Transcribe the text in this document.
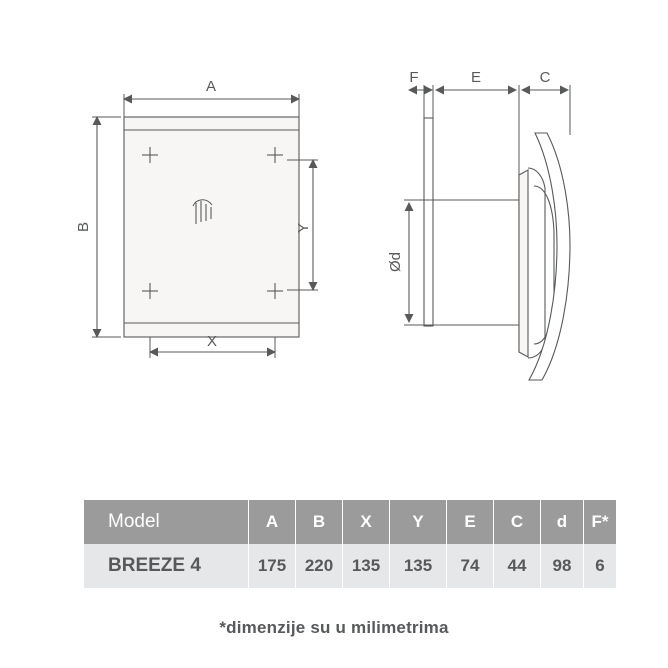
A
B
X
Y
F	E	C
Ød
Model	A	B	X	Y	E	C	d	F*
BREEZE 4	175	220	135	135	74	44	98	6
*dimenzije su u milimetrima
